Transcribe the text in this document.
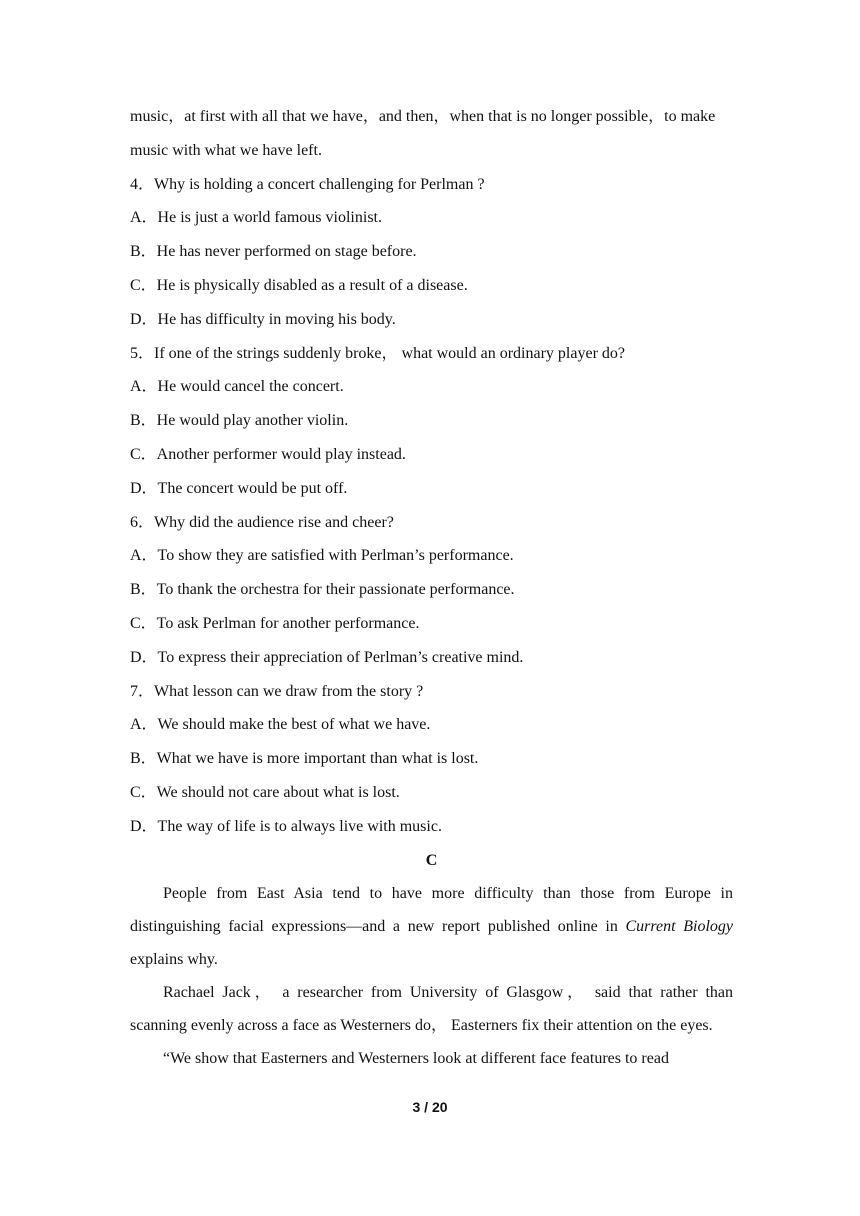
music，at first with all that we have，and then，when that is no longer possible，to make
music with what we have left.
4．Why is holding a concert challenging for Perlman ?
A．He is just a world famous violinist.
B．He has never performed on stage before.
C．He is physically disabled as a result of a disease.
D．He has difficulty in moving his body.
5．If one of the strings suddenly broke， what would an ordinary player do?
A．He would cancel the concert.
B．He would play another violin.
C．Another performer would play instead.
D．The concert would be put off.
6．Why did the audience rise and cheer?
A．To show they are satisfied with Perlman’s performance.
B．To thank the orchestra for their passionate performance.
C．To ask Perlman for another performance.
D．To express their appreciation of Perlman’s creative mind.
7．What lesson can we draw from the story ?
A．We should make the best of what we have.
B．What we have is more important than what is lost.
C．We should not care about what is lost.
D．The way of life is to always live with music.
C

People from East Asia tend to have more difficulty than those from Europe in distinguishing facial expressions—and a new report published online in Current Biology explains why.

Rachael Jack， a researcher from University of Glasgow， said that rather than scanning evenly across a face as Westerners do， Easterners fix their attention on the eyes.

“We show that Easterners and Westerners look at different face features to read

3 / 20
